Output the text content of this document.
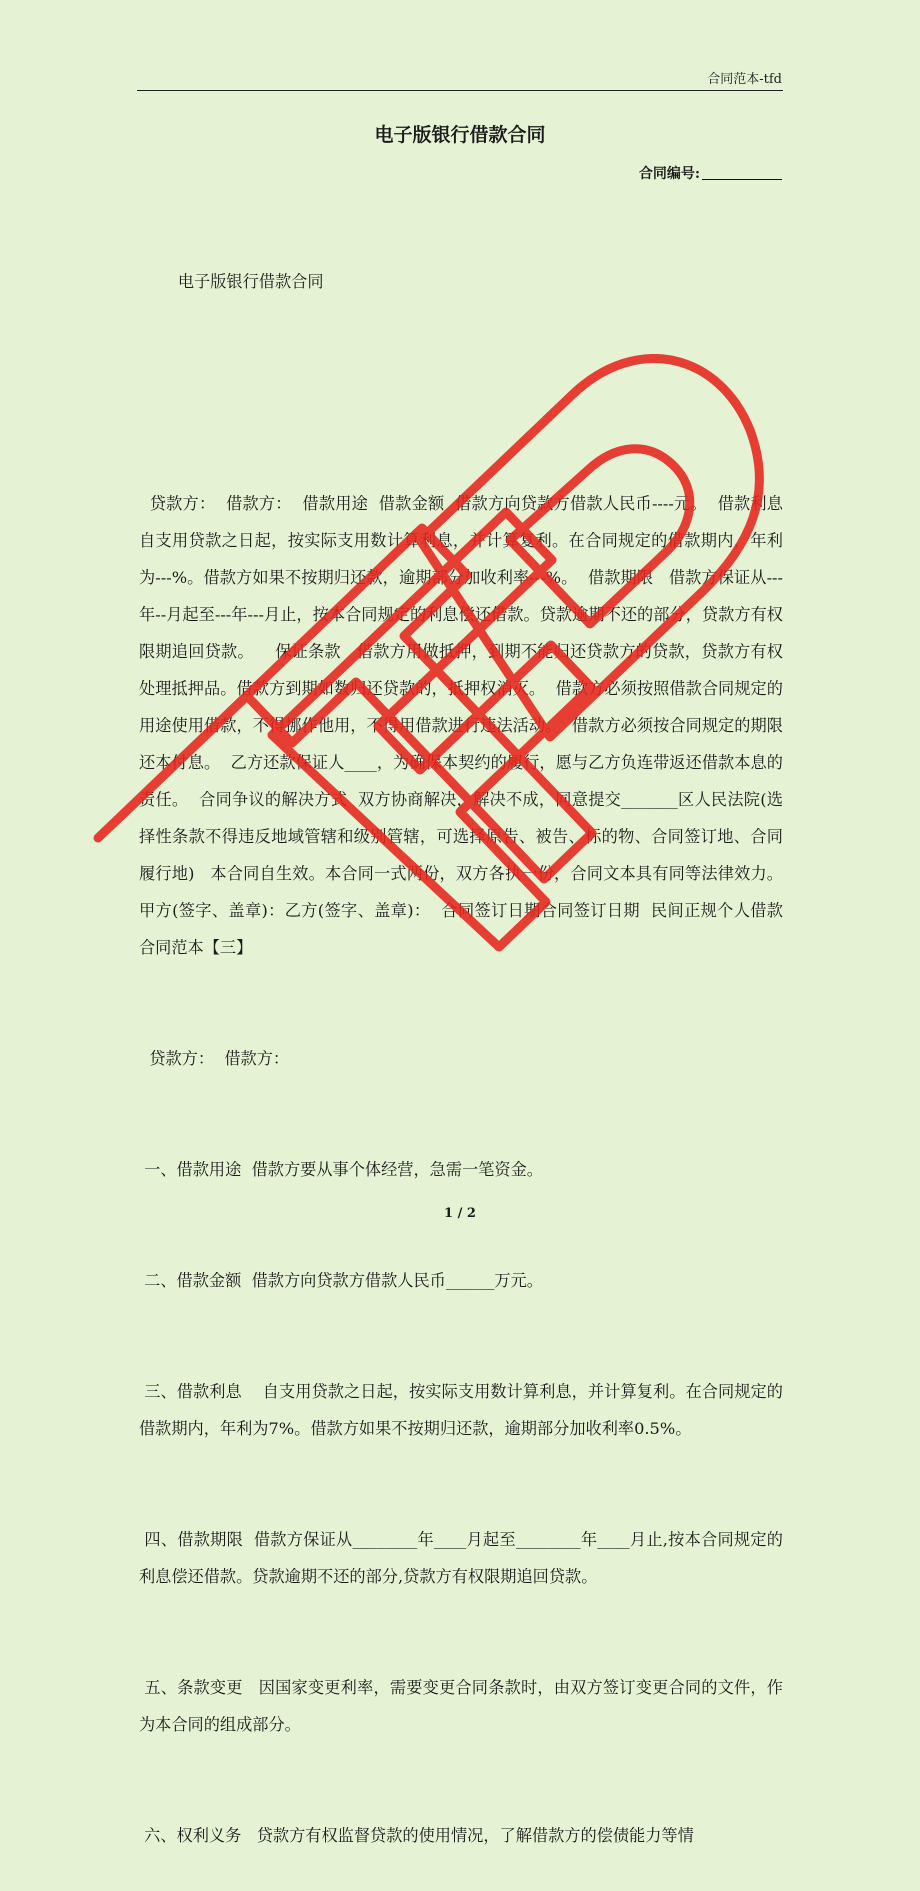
合同范本-tfd
电子版银行借款合同
合同编号:

电子版银行借款合同

贷款方：  借款方：  借款用途  借款金额  借款方向贷款方借款人民币----元。  借款利息    自支用贷款之日起，按实际支用数计算利息，并计算复利。在合同规定的借款期内，年利为---%。借款方如果不按期归还款，逾期部分加收利率---%。  借款期限   借款方保证从---年--月起至---年---月止，按本合同规定的利息偿还借款。贷款逾期不还的部分，贷款方有权限期追回贷款。    保证条款   借款方用做抵押，到期不能归还贷款方的贷款，贷款方有权处理抵押品。借款方到期如数归还贷款的，抵押权消灭。  借款方必须按照借款合同规定的用途使用借款，不得挪作他用，不得用借款进行违法活动。  借款方必须按合同规定的期限还本付息。  乙方还款保证人____，为确保本契约的履行，愿与乙方负连带返还借款本息的责任。  合同争议的解决方式  双方协商解决，解决不成，同意提交_______区人民法院(选择性条款不得违反地域管辖和级别管辖，可选择原告、被告、标的物、合同签订地、合同履行地)   本合同自生效。本合同一式两份，双方各执一份，合同文本具有同等法律效力。    甲方(签字、盖章)：乙方(签字、盖章)：  合同签订日期合同签订日期  民间正规个人借款合同范本【三】

贷款方：  借款方：

一、借款用途  借款方要从事个体经营，急需一笔资金。

二、借款金额  借款方向贷款方借款人民币______万元。

三、借款利息    自支用贷款之日起，按实际支用数计算利息，并计算复利。在合同规定的借款期内，年利为7%。借款方如果不按期归还款，逾期部分加收利率0.5%。

四、借款期限  借款方保证从________年____月起至________年____月止,按本合同规定的利息偿还借款。贷款逾期不还的部分,贷款方有权限期追回贷款。

五、条款变更   因国家变更利率，需要变更合同条款时，由双方签订变更合同的文件，作为本合同的组成部分。

六、权利义务   贷款方有权监督贷款的使用情况，了解借款方的偿债能力等情

1 / 2
